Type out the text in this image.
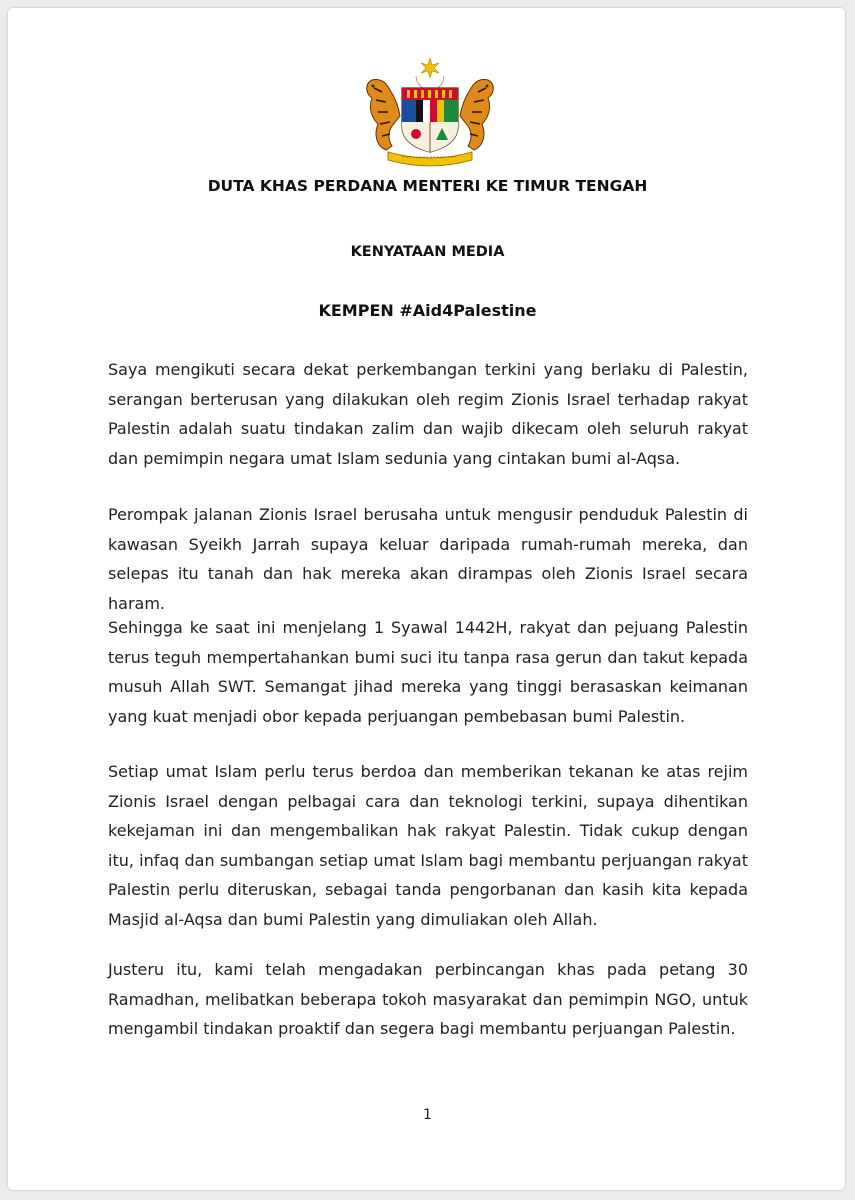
DUTA KHAS PERDANA MENTERI KE TIMUR TENGAH
KENYATAAN MEDIA
KEMPEN #Aid4Palestine

Saya mengikuti secara dekat perkembangan terkini yang berlaku di Palestin, serangan berterusan yang dilakukan oleh regim Zionis Israel terhadap rakyat Palestin adalah suatu tindakan zalim dan wajib dikecam oleh seluruh rakyat dan pemimpin negara umat Islam sedunia yang cintakan bumi al-Aqsa.

Perompak jalanan Zionis Israel berusaha untuk mengusir penduduk Palestin di kawasan Syeikh Jarrah supaya keluar daripada rumah-rumah mereka, dan selepas itu tanah dan hak mereka akan dirampas oleh Zionis Israel secara haram.

Sehingga ke saat ini menjelang 1 Syawal 1442H, rakyat dan pejuang Palestin terus teguh mempertahankan bumi suci itu tanpa rasa gerun dan takut kepada musuh Allah SWT. Semangat jihad mereka yang tinggi berasaskan keimanan yang kuat menjadi obor kepada perjuangan pembebasan bumi Palestin.

Setiap umat Islam perlu terus berdoa dan memberikan tekanan ke atas rejim Zionis Israel dengan pelbagai cara dan teknologi terkini, supaya dihentikan kekejaman ini dan mengembalikan hak rakyat Palestin. Tidak cukup dengan itu, infaq dan sumbangan setiap umat Islam bagi membantu perjuangan rakyat Palestin perlu diteruskan, sebagai tanda pengorbanan dan kasih kita kepada Masjid al-Aqsa dan bumi Palestin yang dimuliakan oleh Allah.

Justeru itu, kami telah mengadakan perbincangan khas pada petang 30 Ramadhan, melibatkan beberapa tokoh masyarakat dan pemimpin NGO, untuk mengambil tindakan proaktif dan segera bagi membantu perjuangan Palestin.

1
